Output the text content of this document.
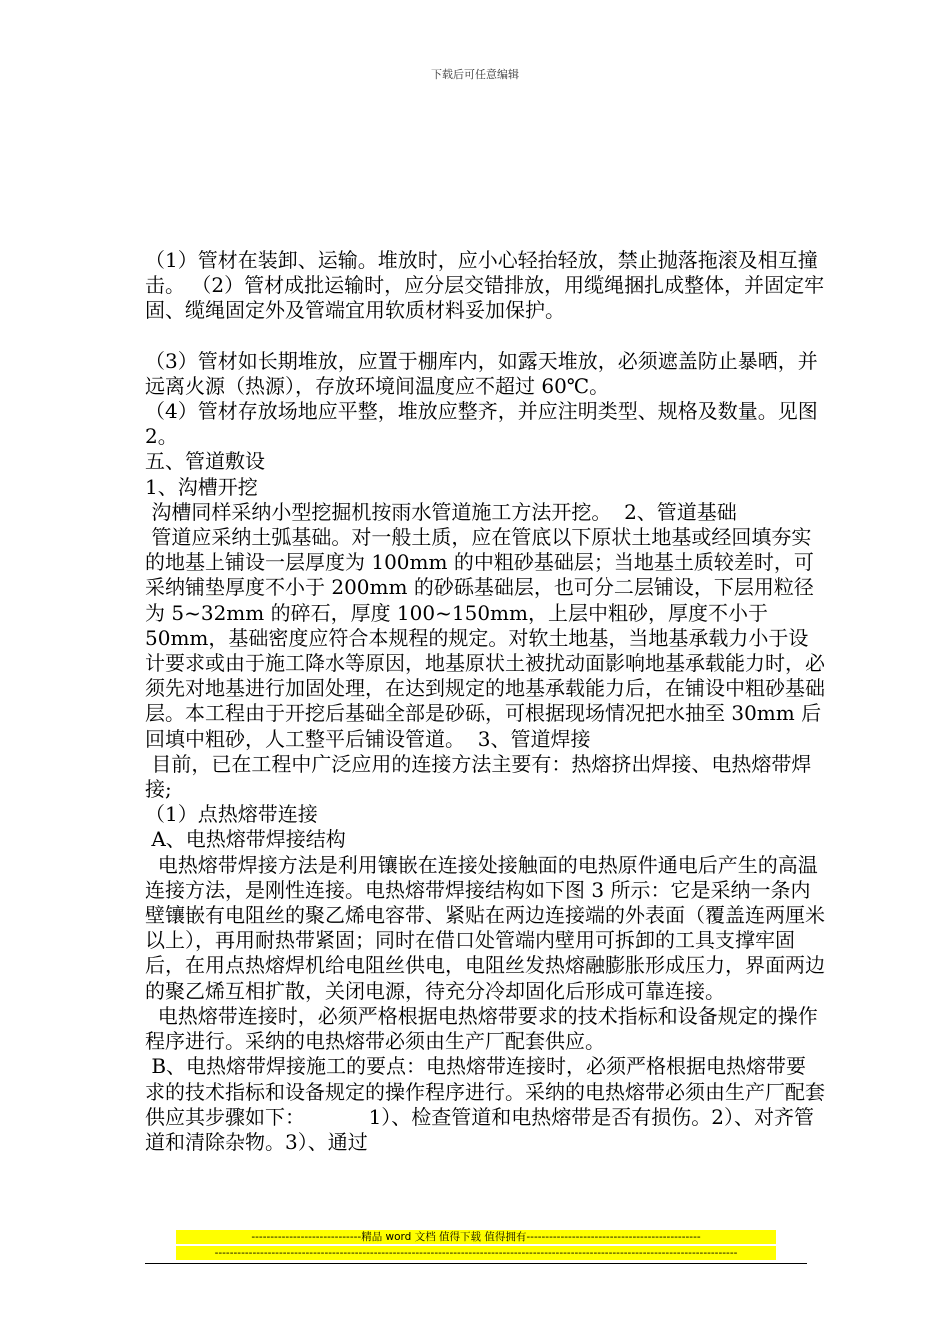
下载后可任意编辑

（1）管材在装卸、运输。堆放时，应小心轻抬轻放，禁止抛落拖滚及相互撞击。 （2）管材成批运输时，应分层交错排放，用缆绳捆扎成整体，并固定牢固、缆绳固定外及管端宜用软质材料妥加保护。

（3）管材如长期堆放，应置于棚库内，如露天堆放，必须遮盖防止暴晒，并远离火源（热源），存放环境间温度应不超过 60℃。

（4）管材存放场地应平整，堆放应整齐，并应注明类型、规格及数量。见图 2。

五、管道敷设

1、沟槽开挖

沟槽同样采纳小型挖掘机按雨水管道施工方法开挖。  2、管道基础

管道应采纳土弧基础。对一般土质，应在管底以下原状土地基或经回填夯实的地基上铺设一层厚度为 100mm 的中粗砂基础层；当地基土质较差时，可采纳铺垫厚度不小于 200mm 的砂砾基础层，也可分二层铺设，下层用粒径为 5~32mm 的碎石，厚度 100~150mm，上层中粗砂，厚度不小于 50mm，基础密度应符合本规程的规定。对软土地基，当地基承载力小于设计要求或由于施工降水等原因，地基原状土被扰动面影响地基承载能力时，必须先对地基进行加固处理，在达到规定的地基承载能力后，在铺设中粗砂基础层。本工程由于开挖后基础全部是砂砾，可根据现场情况把水抽至 30mm 后回填中粗砂，人工整平后铺设管道。  3、管道焊接

目前，已在工程中广泛应用的连接方法主要有：热熔挤出焊接、电热熔带焊接;

（1）点热熔带连接

A、电热熔带焊接结构

电热熔带焊接方法是利用镶嵌在连接处接触面的电热原件通电后产生的高温连接方法，是刚性连接。电热熔带焊接结构如下图 3 所示：它是采纳一条内壁镶嵌有电阻丝的聚乙烯电容带、紧贴在两边连接端的外表面（覆盖连两厘米以上），再用耐热带紧固；同时在借口处管端内壁用可拆卸的工具支撑牢固后，在用点热熔焊机给电阻丝供电，电阻丝发热熔融膨胀形成压力，界面两边的聚乙烯互相扩散，关闭电源，待充分冷却固化后形成可靠连接。

电热熔带连接时，必须严格根据电热熔带要求的技术指标和设备规定的操作程序进行。采纳的电热熔带必须由生产厂配套供应。

B、电热熔带焊接施工的要点：电热熔带连接时，必须严格根据电热熔带要求的技术指标和设备规定的操作程序进行。采纳的电热熔带必须由生产厂配套供应其步骤如下：          1）、检查管道和电热熔带是否有损伤。2）、对齐管道和清除杂物。3）、通过

-----------------------------精品 word 文档 值得下载 值得拥有----------------------------------------------
------------------------------------------------------------------------------------------------------------------------------------------
